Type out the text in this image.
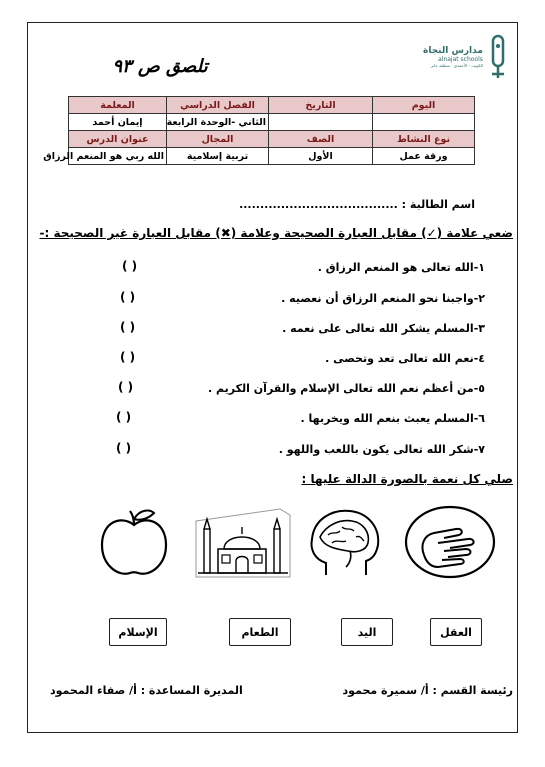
مدارس النجاة
alnajat schools
الكويت - الأحمدي - منطقة جابر
تلصق ص ٩٣
اليوم	التاريخ	الفصل الدراسي	المعلمة
		الثاني -الوحدة الرابعة	إيمان أحمد
نوع النشاط	الصف	المجال	عنوان الدرس
ورقة عمل	الأول	تربية إسلامية	الله ربي هو المنعم الرزاق
اسم الطالبة : ......................................
ضعي علامة (✓) مقابل العبارة الصحيحة وعلامة (✖) مقابل العبارة غير الصحيحة :-
١-الله تعالى هو المنعم الرزاق .
٢-واجبنا نحو المنعم الرزاق أن نعصيه .
٣-المسلم يشكر الله تعالى على نعمه .
٤-نعم الله تعالى تعد وتحصى .
٥-من أعظم نعم الله تعالى الإسلام والقرآن الكريم .
٦-المسلم يعبث بنعم الله ويخربها .
٧-شكر الله تعالى يكون باللعب واللهو .
( )
( )
( )
( )
( )
( )
( )
صلي كل نعمة بالصورة الدالة عليها :
العقل
اليد
الطعام
الإسلام
رئيسة القسم : أ/ سميرة محمود
المديرة المساعدة : أ/ صفاء المحمود
